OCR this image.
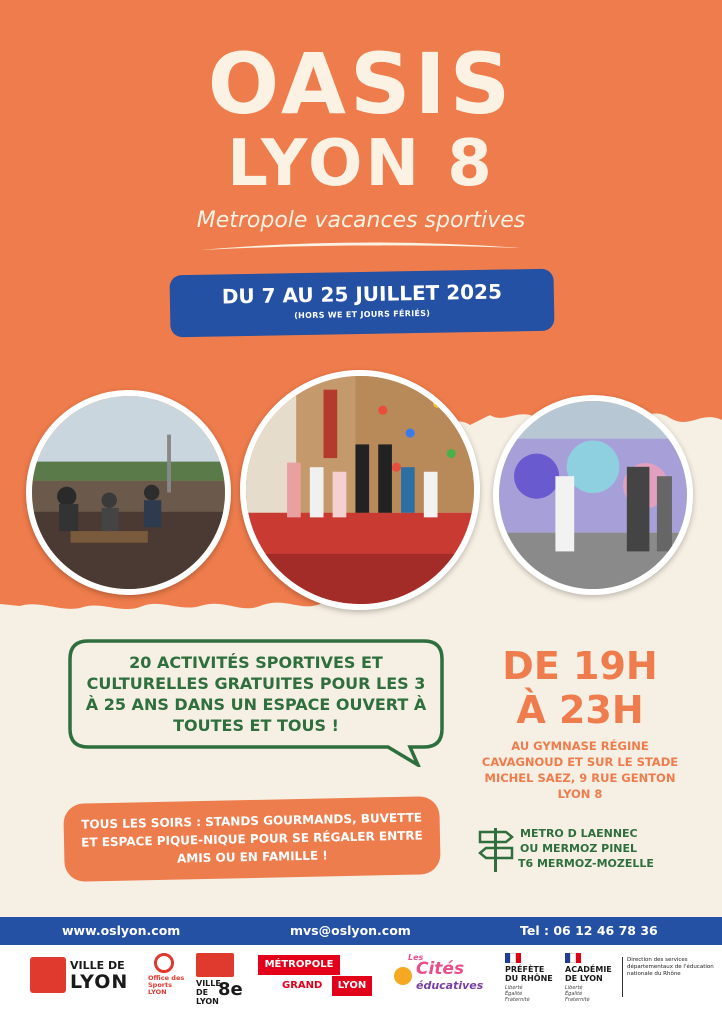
OASIS
LYON 8
Metropole vacances sportives
DU 7 AU 25 JUILLET 2025
(HORS WE ET JOURS FÉRIÉS)
20 ACTIVITÉS SPORTIVES ET CULTURELLES GRATUITES POUR LES 3 À 25 ANS DANS UN ESPACE OUVERT À TOUTES ET TOUS !
DE 19H
À 23H
AU GYMNASE RÉGINE CAVAGNOUD ET SUR LE STADE MICHEL SAEZ, 9 RUE GENTON LYON 8
TOUS LES SOIRS : STANDS GOURMANDS, BUVETTE ET ESPACE PIQUE-NIQUE POUR SE RÉGALER ENTRE AMIS OU EN FAMILLE !
METRO D LAENNEC
OU MERMOZ PINEL
T6 MERMOZ-MOZELLE
www.oslyon.com	mvs@oslyon.com	Tel : 06 12 46 78 36
VILLE DE
LYON	Office des Sports LYON
VILLE DE LYON
8e
MÉTROPOLE
GRAND	LYON
Les
Cités
éducatives
PRÉFÈTE
DU RHÔNE
Liberté Égalité Fraternité
ACADÉMIE
DE LYON
Liberté Égalité Fraternité
Direction des services départementaux de l'éducation nationale du Rhône
